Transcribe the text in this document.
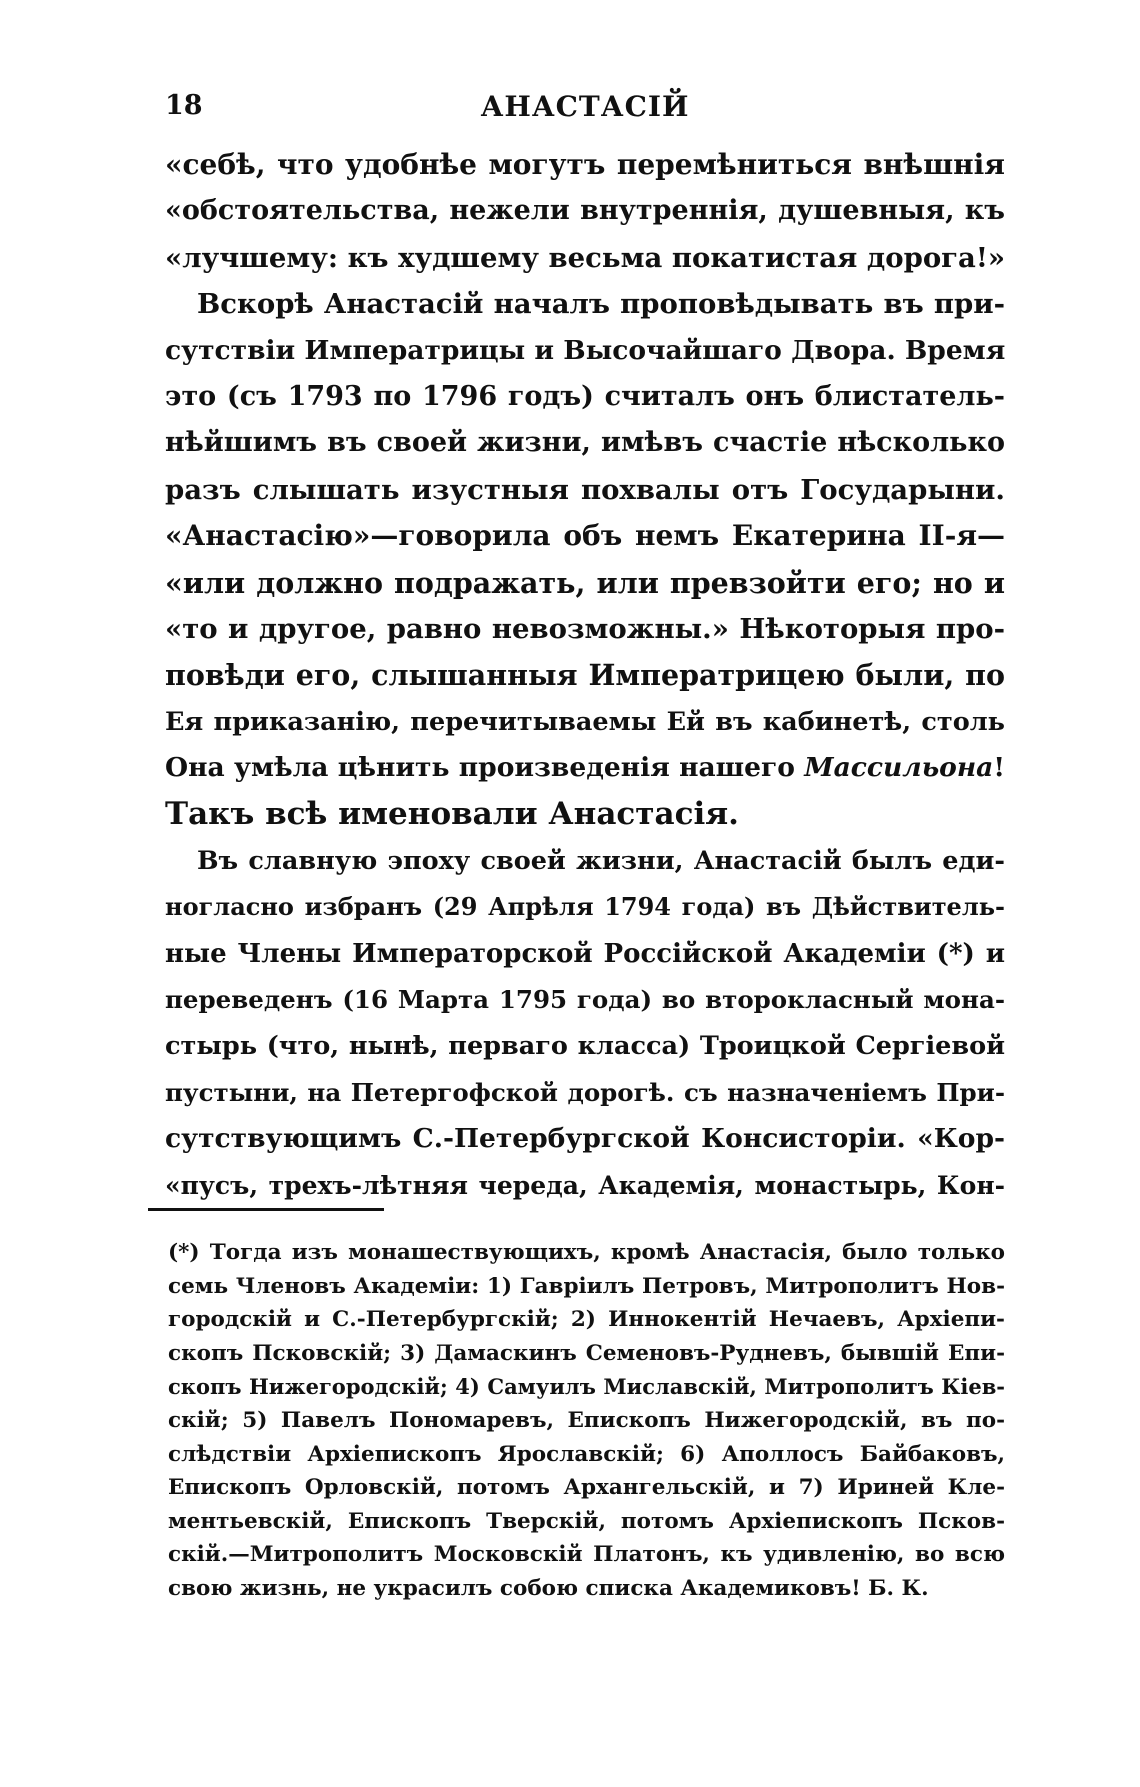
18	АНАСТАСІЙ
«себѣ, что удобнѣе могутъ перемѣниться внѣшнія
«обстоятельства, нежели внутреннія, душевныя, къ
«лучшему: къ худшему весьма покатистая дорога!»
Вскорѣ Анастасій началъ проповѣдывать въ при-
сутствіи Императрицы и Высочайшаго Двора. Время
это (съ 1793 по 1796 годъ) считалъ онъ блистатель-
нѣйшимъ въ своей жизни, имѣвъ счастіе нѣсколько
разъ слышать изустныя похвалы отъ Государыни.
«Анастасію»—говорила объ немъ Екатерина II-я—
«или должно подражать, или превзойти его; но и
«то и другое, равно невозможны.» Нѣкоторыя про-
повѣди его, слышанныя Императрицею были, по
Ея приказанію, перечитываемы Ей въ кабинетѣ, столь
Она умѣла цѣнить произведенія нашего Массильона!
Такъ всѣ именовали Анастасія.
Въ славную эпоху своей жизни, Анастасій былъ еди-
ногласно избранъ (29 Апрѣля 1794 года) въ Дѣйствитель-
ные Члены Императорской Россійской Академіи (*) и
переведенъ (16 Марта 1795 года) во второкласный мона-
стырь (что, нынѣ, перваго класса) Троицкой Сергіевой
пустыни, на Петергофской дорогѣ. съ назначеніемъ При-
сутствующимъ С.-Петербургской Консисторіи. «Кор-
«пусъ, трехъ-лѣтняя череда, Академія, монастырь, Кон-
(*) Тогда изъ монашествующихъ, кромѣ Анастасія, было только
семь Членовъ Академіи: 1) Гавріилъ Петровъ, Митрополитъ Нов-
городскій и С.-Петербургскій; 2) Иннокентій Нечаевъ, Архіепи-
скопъ Псковскій; 3) Дамаскинъ Семеновъ-Рудневъ, бывшій Епи-
скопъ Нижегородскій; 4) Самуилъ Миславскій, Митрополитъ Кіев-
скій; 5) Павелъ Пономаревъ, Епископъ Нижегородскій, въ по-
слѣдствіи Архіепископъ Ярославскій; 6) Аполлосъ Байбаковъ,
Епископъ Орловскій, потомъ Архангельскій, и 7) Ириней Кле-
ментьевскій, Епископъ Тверскій, потомъ Архіепископъ Псков-
скій.—Митрополитъ Московскій Платонъ, къ удивленію, во всю
свою жизнь, не украсилъ собою списка Академиковъ! Б. К.
